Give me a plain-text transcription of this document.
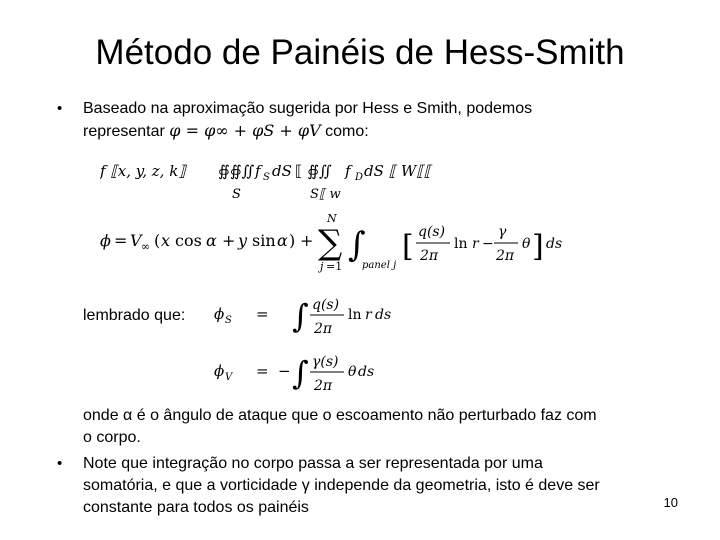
Método de Painéis de Hess-Smith
• Baseado na aproximação sugerida por Hess e Smith, podemos
representar φ = φ∞ + φS + φV como:
f ⟦x, y, z, k⟧ ∯∯∬ f S dS ⟦ ∯∬ f D dS ⟦ W⟦⟦
S	S⟦ w
ϕ = V ∞ ( x cos α + y sin α ) + ∑
N
j =1
∫
panel j
[ q(s)
2π
ln r −
γ
2π
θ ] ds
lembrado que: ϕ S = ∫ q(s)
2π
ln r ds
ϕ V = − ∫ γ(s)
2π
θ ds
onde α é o ângulo de ataque que o escoamento não perturbado faz com
o corpo.
• Note que integração no corpo passa a ser representada por uma
somatória, e que a vorticidade γ independe da geometria, isto é deve ser
constante para todos os painéis	10
